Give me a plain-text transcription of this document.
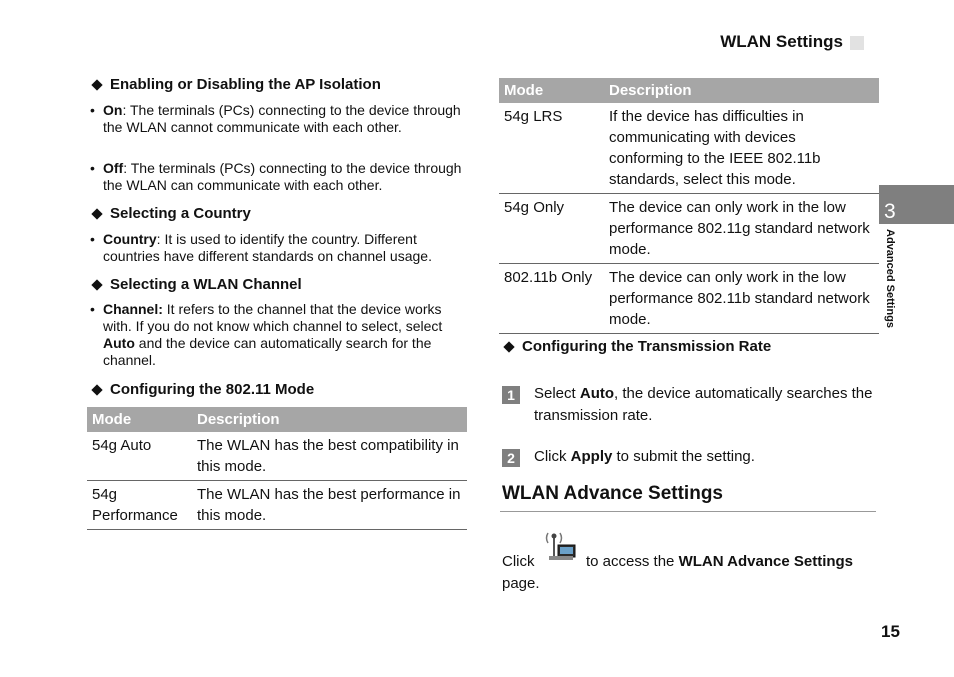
WLAN Settings
Enabling or Disabling the AP Isolation
• On: The terminals (PCs) connecting to the device through the WLAN cannot communicate with each other.
• Off: The terminals (PCs) connecting to the device through the WLAN can communicate with each other.
Selecting a Country
• Country: It is used to identify the country. Different countries have different standards on channel usage.
Selecting a WLAN Channel
• Channel: It refers to the channel that the device works with. If you do not know which channel to select, select Auto and the device can automatically search for the channel.
Configuring the 802.11 Mode
Mode	Description
54g Auto	The WLAN has the best compatibility in this mode.
54g Performance	The WLAN has the best performance in this mode.
Mode	Description
54g LRS	If the device has difficulties in communicating with devices conforming to the IEEE 802.11b standards, select this mode.
54g Only	The device can only work in the low performance 802.11g standard network mode.
802.11b Only	The device can only work in the low performance 802.11b standard network mode.
Configuring the Transmission Rate
1	Select Auto, the device automatically searches the transmission rate.
2	Click Apply to submit the setting.
WLAN Advance Settings
Click	to access the WLAN Advance Settings
page.
3
Advanced Settings
15
